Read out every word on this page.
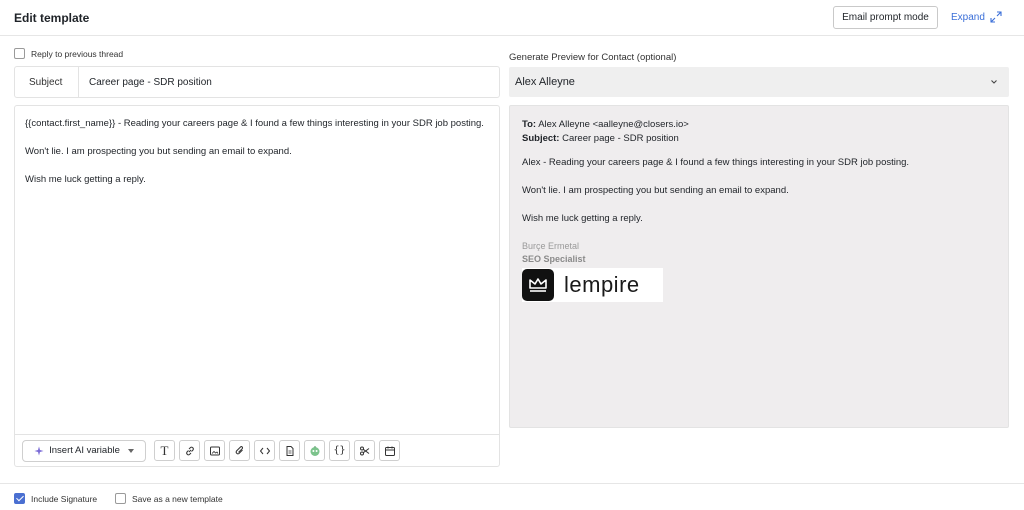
Edit template	Email prompt mode	Expand
Reply to previous thread
Subject	Career page - SDR position

{{contact.first_name}} - Reading your careers page & I found a few things interesting in your SDR job posting.

Won't lie. I am prospecting you but sending an email to expand.

Wish me luck getting a reply.

Insert AI variable	T	{}
Generate Preview for Contact (optional)
Alex Alleyne
To: Alex Alleyne <aalleyne@closers.io>
Subject: Career page - SDR position
Alex - Reading your careers page & I found a few things interesting in your SDR job posting.
Won't lie. I am prospecting you but sending an email to expand.
Wish me luck getting a reply.
Burçe Ermetal
SEO Specialist
lempire
Include Signature	Save as a new template
